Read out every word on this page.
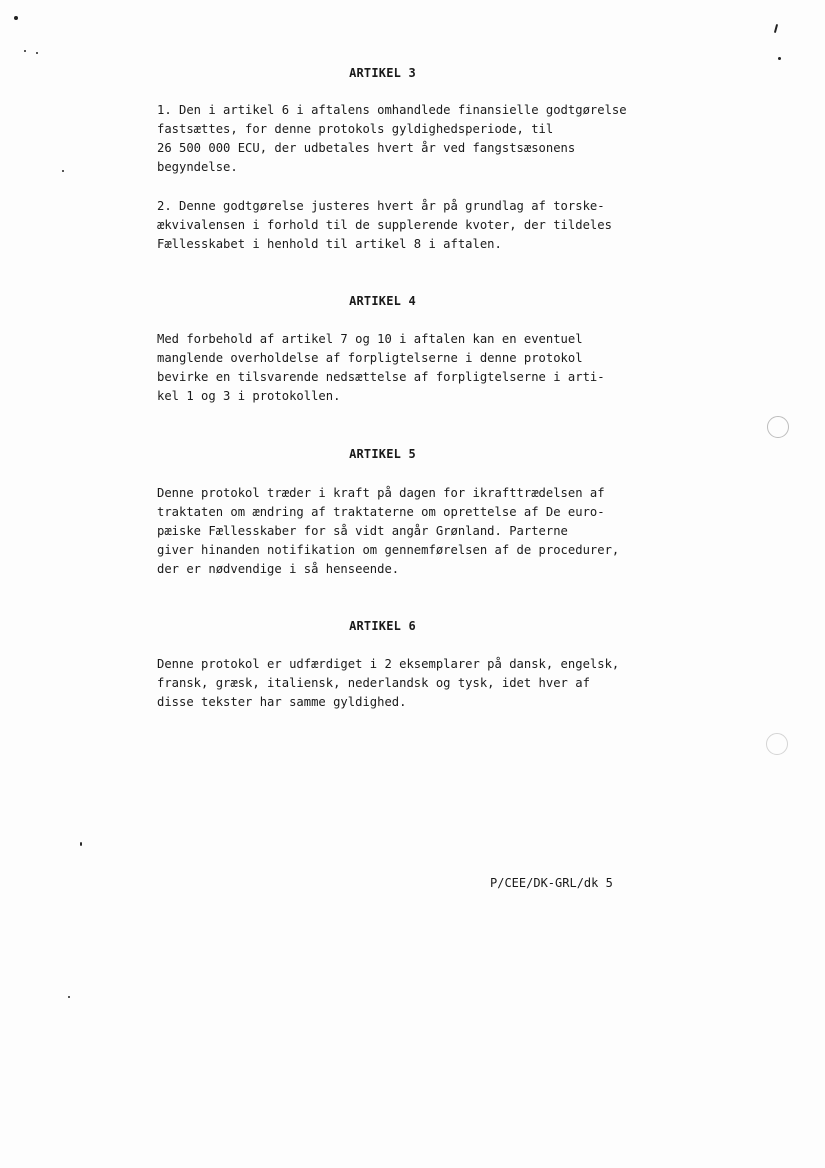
ARTIKEL 3
1. Den i artikel 6 i aftalens omhandlede finansielle godtgørelse
fastsættes, for denne protokols gyldighedsperiode, til
26 500 000 ECU, der udbetales hvert år ved fangstsæsonens
begyndelse.
2. Denne godtgørelse justeres hvert år på grundlag af torske-
ækvivalensen i forhold til de supplerende kvoter, der tildeles
Fællesskabet i henhold til artikel 8 i aftalen.
ARTIKEL 4
Med forbehold af artikel 7 og 10 i aftalen kan en eventuel
manglende overholdelse af forpligtelserne i denne protokol
bevirke en tilsvarende nedsættelse af forpligtelserne i arti-
kel 1 og 3 i protokollen.
ARTIKEL 5
Denne protokol træder i kraft på dagen for ikrafttrædelsen af
traktaten om ændring af traktaterne om oprettelse af De euro-
pæiske Fællesskaber for så vidt angår Grønland. Parterne
giver hinanden notifikation om gennemførelsen af de procedurer,
der er nødvendige i så henseende.
ARTIKEL 6
Denne protokol er udfærdiget i 2 eksemplarer på dansk, engelsk,
fransk, græsk, italiensk, nederlandsk og tysk, idet hver af
disse tekster har samme gyldighed.
P/CEE/DK-GRL/dk 5
